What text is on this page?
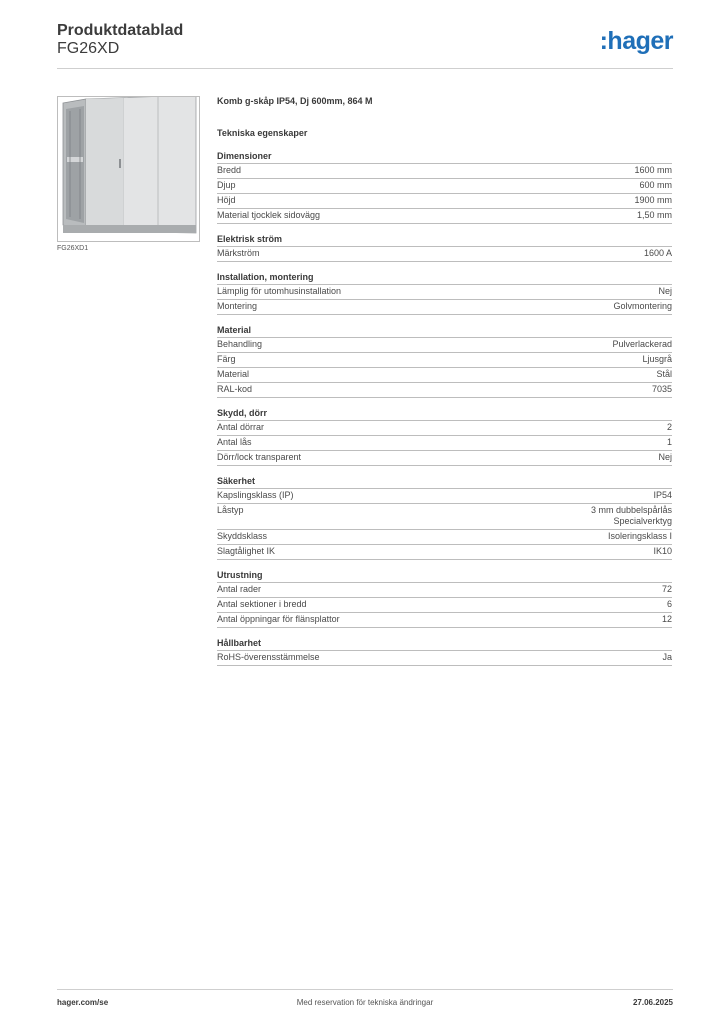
Produktdatablad
FG26XD	:hager
FG26XD1
Komb g-skåp IP54, Dj 600mm, 864 M
Tekniska egenskaper
Dimensioner
Bredd	1600 mm
Djup	600 mm
Höjd	1900 mm
Material tjocklek sidovägg	1,50 mm
Elektrisk ström
Märkström	1600 A
Installation, montering
Lämplig för utomhusinstallation	Nej
Montering	Golvmontering
Material
Behandling	Pulverlackerad
Färg	Ljusgrå
Material	Stål
RAL-kod	7035
Skydd, dörr
Antal dörrar	2
Antal lås	1
Dörr/lock transparent	Nej
Säkerhet
Kapslingsklass (IP)	IP54
Låstyp	3 mm dubbelspårlås
Specialverktyg
Skyddsklass	Isoleringsklass I
Slagtålighet IK	IK10
Utrustning
Antal rader	72
Antal sektioner i bredd	6
Antal öppningar för flänsplattor	12
Hållbarhet
RoHS-överensstämmelse	Ja
hager.com/se	Med reservation för tekniska ändringar	27.06.2025
